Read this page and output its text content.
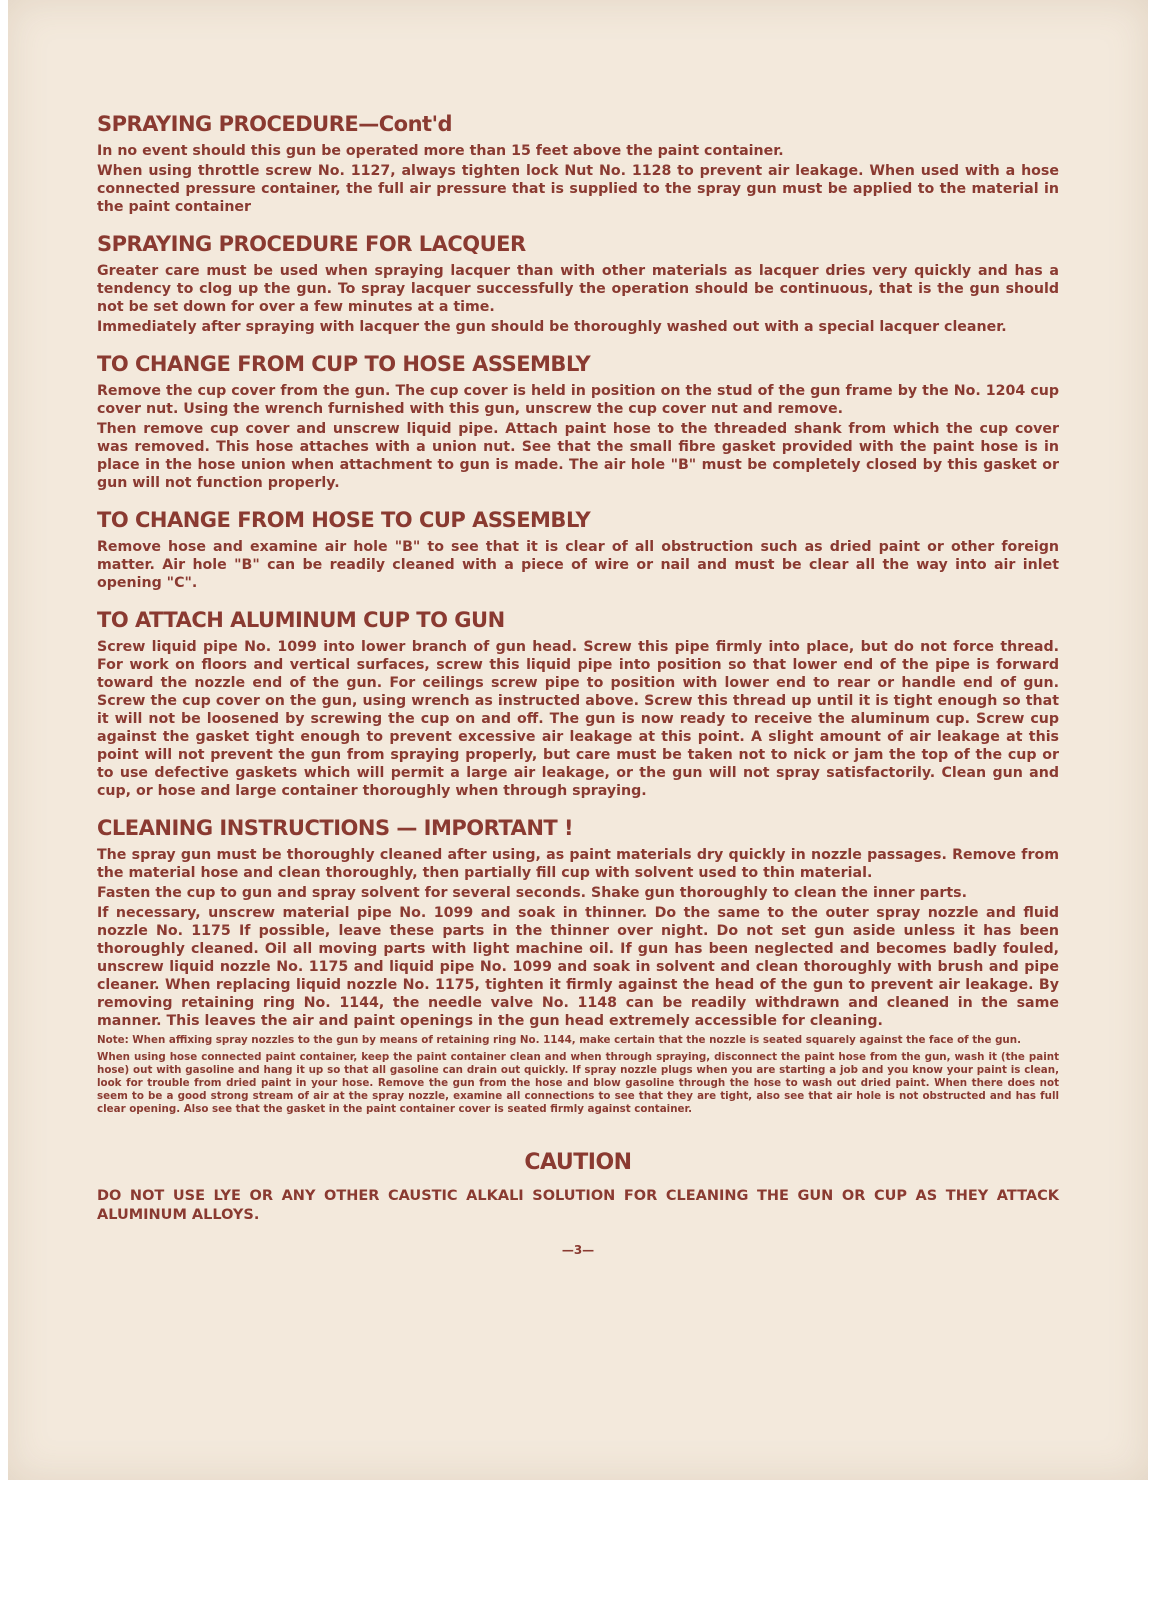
SPRAYING PROCEDURE—Cont'd

In no event should this gun be operated more than 15 feet above the paint container.

When using throttle screw No. 1127, always tighten lock Nut No. 1128 to prevent air leakage. When used with a hose connected pressure container, the full air pressure that is supplied to the spray gun must be applied to the material in the paint container

SPRAYING PROCEDURE FOR LACQUER

Greater care must be used when spraying lacquer than with other materials as lacquer dries very quickly and has a tendency to clog up the gun. To spray lacquer successfully the operation should be continuous, that is the gun should not be set down for over a few minutes at a time.

Immediately after spraying with lacquer the gun should be thoroughly washed out with a special lacquer cleaner.

TO CHANGE FROM CUP TO HOSE ASSEMBLY

Remove the cup cover from the gun. The cup cover is held in position on the stud of the gun frame by the No. 1204 cup cover nut. Using the wrench furnished with this gun, unscrew the cup cover nut and remove.

Then remove cup cover and unscrew liquid pipe. Attach paint hose to the threaded shank from which the cup cover was removed. This hose attaches with a union nut. See that the small fibre gasket provided with the paint hose is in place in the hose union when attachment to gun is made. The air hole "B" must be completely closed by this gasket or gun will not function properly.

TO CHANGE FROM HOSE TO CUP ASSEMBLY

Remove hose and examine air hole "B" to see that it is clear of all obstruction such as dried paint or other foreign matter. Air hole "B" can be readily cleaned with a piece of wire or nail and must be clear all the way into air inlet opening "C".

TO ATTACH ALUMINUM CUP TO GUN

Screw liquid pipe No. 1099 into lower branch of gun head. Screw this pipe firmly into place, but do not force thread. For work on floors and vertical surfaces, screw this liquid pipe into position so that lower end of the pipe is forward toward the nozzle end of the gun. For ceilings screw pipe to position with lower end to rear or handle end of gun. Screw the cup cover on the gun, using wrench as instructed above. Screw this thread up until it is tight enough so that it will not be loosened by screwing the cup on and off. The gun is now ready to receive the aluminum cup. Screw cup against the gasket tight enough to prevent excessive air leakage at this point. A slight amount of air leakage at this point will not prevent the gun from spraying properly, but care must be taken not to nick or jam the top of the cup or to use defective gaskets which will permit a large air leakage, or the gun will not spray satisfactorily. Clean gun and cup, or hose and large container thoroughly when through spraying.

CLEANING INSTRUCTIONS — IMPORTANT !

The spray gun must be thoroughly cleaned after using, as paint materials dry quickly in nozzle passages. Remove from the material hose and clean thoroughly, then partially fill cup with solvent used to thin material.

Fasten the cup to gun and spray solvent for several seconds. Shake gun thoroughly to clean the inner parts.

If necessary, unscrew material pipe No. 1099 and soak in thinner. Do the same to the outer spray nozzle and fluid nozzle No. 1175 If possible, leave these parts in the thinner over night. Do not set gun aside unless it has been thoroughly cleaned. Oil all moving parts with light machine oil. If gun has been neglected and becomes badly fouled, unscrew liquid nozzle No. 1175 and liquid pipe No. 1099 and soak in solvent and clean thoroughly with brush and pipe cleaner. When replacing liquid nozzle No. 1175, tighten it firmly against the head of the gun to prevent air leakage. By removing retaining ring No. 1144, the needle valve No. 1148 can be readily withdrawn and cleaned in the same manner. This leaves the air and paint openings in the gun head extremely accessible for cleaning.

Note: When affixing spray nozzles to the gun by means of retaining ring No. 1144, make certain that the nozzle is seated squarely against the face of the gun.

When using hose connected paint container, keep the paint container clean and when through spraying, disconnect the paint hose from the gun, wash it (the paint hose) out with gasoline and hang it up so that all gasoline can drain out quickly. If spray nozzle plugs when you are starting a job and you know your paint is clean, look for trouble from dried paint in your hose. Remove the gun from the hose and blow gasoline through the hose to wash out dried paint. When there does not seem to be a good strong stream of air at the spray nozzle, examine all connections to see that they are tight, also see that air hole is not obstructed and has full clear opening. Also see that the gasket in the paint container cover is seated firmly against container.

CAUTION

DO NOT USE LYE OR ANY OTHER CAUSTIC ALKALI SOLUTION FOR CLEANING THE GUN OR CUP AS THEY ATTACK ALUMINUM ALLOYS.

—3—
